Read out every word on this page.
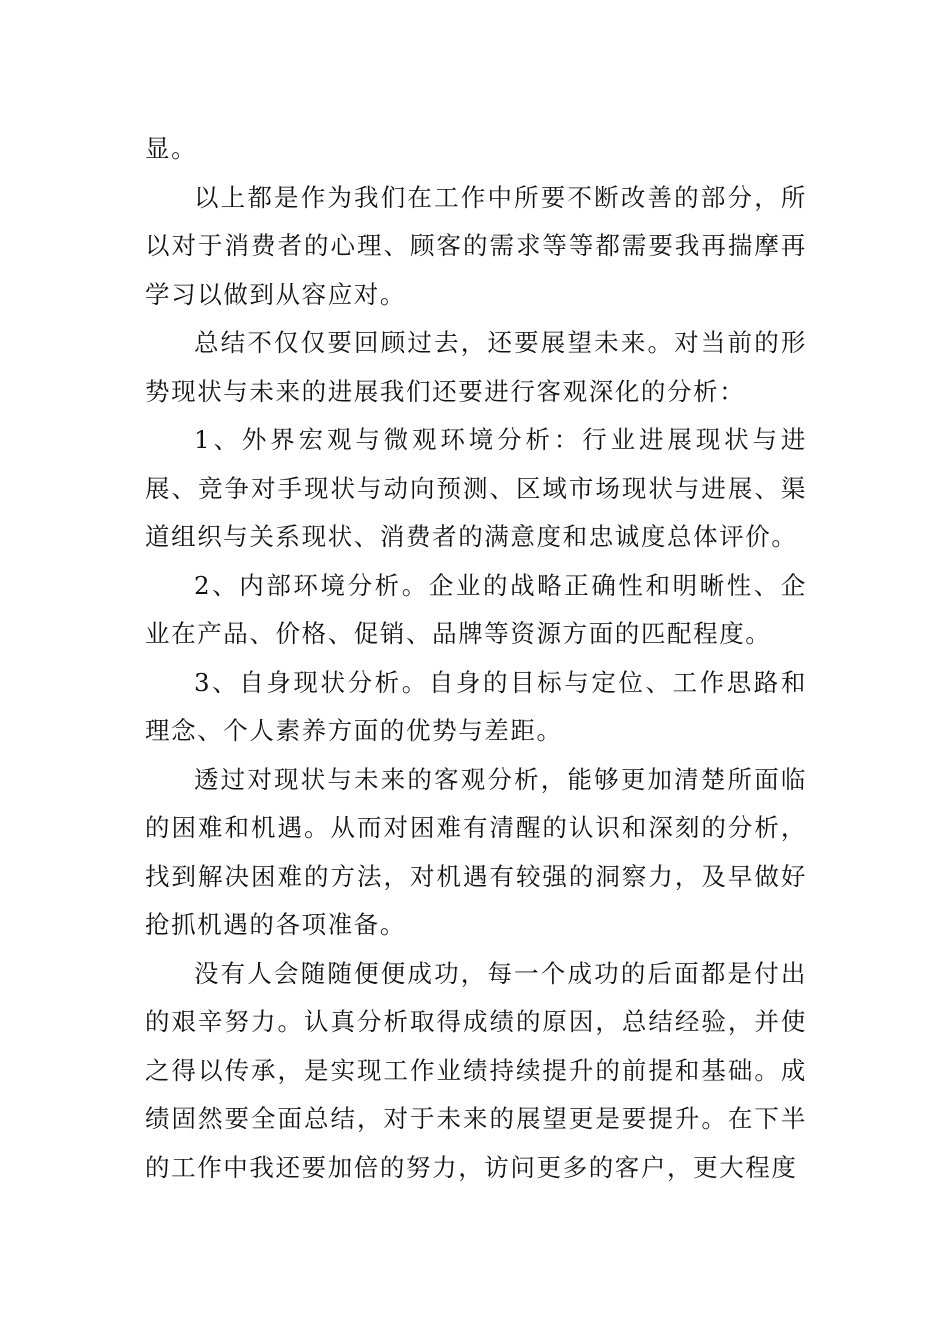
显。

以上都是作为我们在工作中所要不断改善的部分，所以对于消费者的心理、顾客的需求等等都需要我再揣摩再学习以做到从容应对。

总结不仅仅要回顾过去，还要展望未来。对当前的形势现状与未来的进展我们还要进行客观深化的分析：

1、外界宏观与微观环境分析：行业进展现状与进展、竞争对手现状与动向预测、区域市场现状与进展、渠道组织与关系现状、消费者的满意度和忠诚度总体评价。

2、内部环境分析。企业的战略正确性和明晰性、企业在产品、价格、促销、品牌等资源方面的匹配程度。

3、自身现状分析。自身的目标与定位、工作思路和理念、个人素养方面的优势与差距。

透过对现状与未来的客观分析，能够更加清楚所面临的困难和机遇。从而对困难有清醒的认识和深刻的分析，找到解决困难的方法，对机遇有较强的洞察力，及早做好抢抓机遇的各项准备。

没有人会随随便便成功，每一个成功的后面都是付出的艰辛努力。认真分析取得成绩的原因，总结经验，并使之得以传承，是实现工作业绩持续提升的前提和基础。成绩固然要全面总结，对于未来的展望更是要提升。在下半的工作中我还要加倍的努力，访问更多的客户，更大程度
